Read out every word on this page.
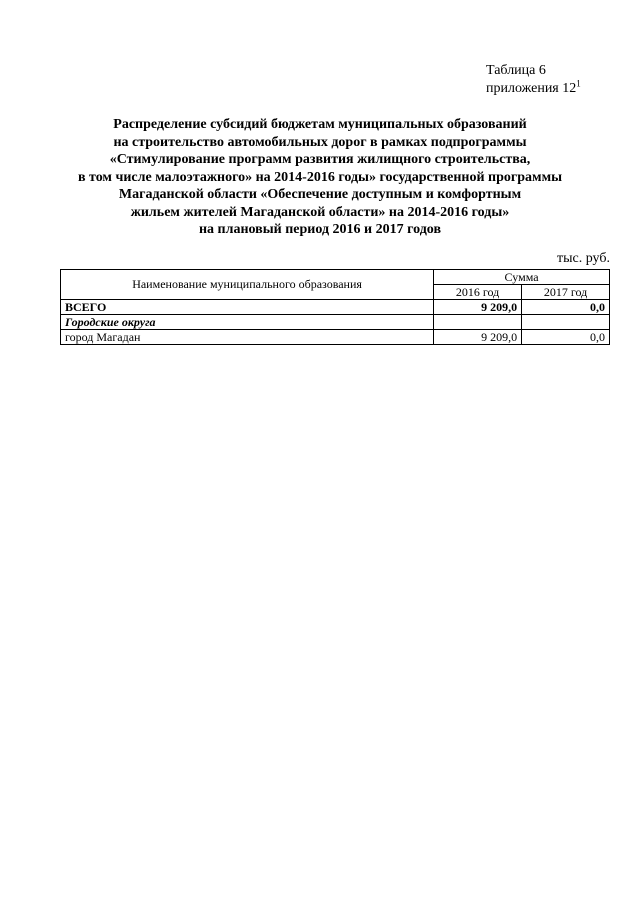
Таблица 6
приложения $12^1$
Распределение субсидий бюджетам муниципальных образований
на строительство автомобильных дорог в рамках подпрограммы
«Стимулирование программ развития жилищного строительства,
в том числе малоэтажного» на 2014-2016 годы» государственной программы
Магаданской области «Обеспечение доступным и комфортным
жильем жителей Магаданской области» на 2014-2016 годы»
на плановый период 2016 и 2017 годов
тыс. руб.
Наименование муниципального образования	Сумма	
	2016 год	2017 год
ВСЕГО	9 209,0	0,0
Городские округа		
город Магадан	9 209,0	0,0
